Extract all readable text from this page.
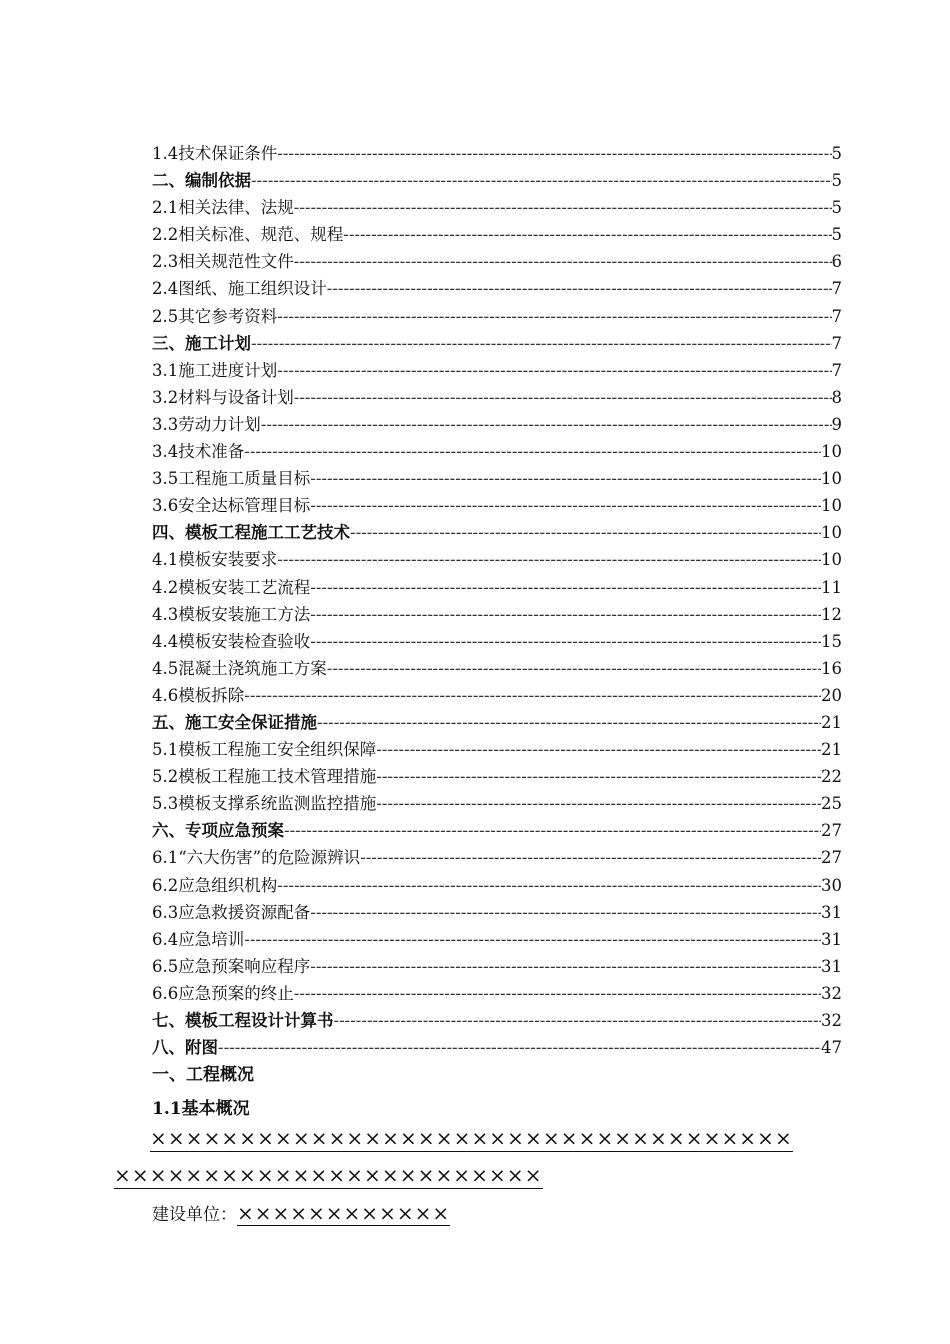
1.4技术保证条件 -----	5
二、编制依据 -----	5
2.1相关法律、法规 -----	5
2.2相关标准、规范、规程 -----	5
2.3相关规范性文件 -----	6
2.4图纸、施工组织设计 -----	7
2.5其它参考资料 -----	7
三、施工计划 -----	7
3.1施工进度计划 -----	7
3.2材料与设备计划 -----	8
3.3劳动力计划 -----	9
3.4技术准备 -----	10
3.5工程施工质量目标 -----	10
3.6安全达标管理目标 -----	10
四、模板工程施工工艺技术 -----	10
4.1模板安装要求 -----	10
4.2模板安装工艺流程 -----	11
4.3模板安装施工方法 -----	12
4.4模板安装检查验收 -----	15
4.5混凝土浇筑施工方案 -----	16
4.6模板拆除 -----	20
五、施工安全保证措施 -----	21
5.1模板工程施工安全组织保障 -----	21
5.2模板工程施工技术管理措施 -----	22
5.3模板支撑系统监测监控措施 -----	25
六、专项应急预案 -----	27
6.1“六大伤害”的危险源辨识 -----	27
6.2应急组织机构 -----	30
6.3应急救援资源配备 -----	31
6.4应急培训 -----	31
6.5应急预案响应程序 -----	31
6.6应急预案的终止 -----	32
七、模板工程设计计算书 -----	32
八、附图 -----	47
一、工程概况
1.1基本概况
××××××××××××××××××××××××××××××××××××
××××××××××××××××××××××××
建设单位：××××××××××××
